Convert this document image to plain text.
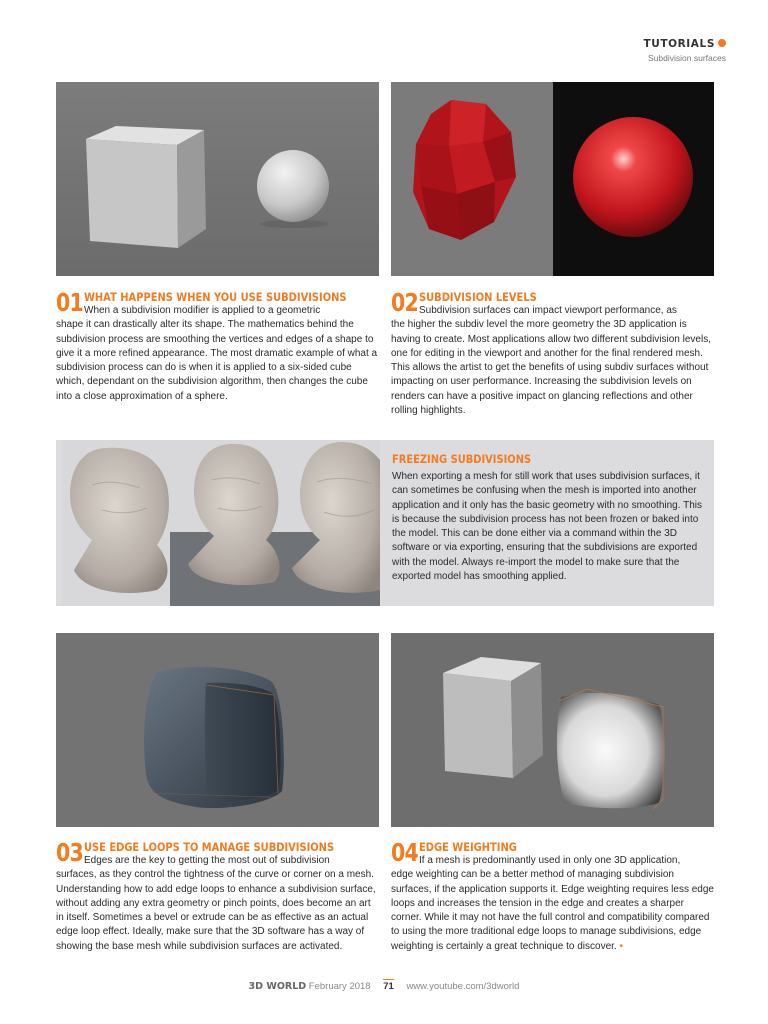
TUTORIALS
Subdivision surfaces
01 WHAT HAPPENS WHEN YOU USE SUBDIVISIONS
When a subdivision modifier is applied to a geometric
shape it can drastically alter its shape. The mathematics behind the subdivision process are smoothing the vertices and edges of a shape to give it a more refined appearance. The most dramatic example of what a subdivision process can do is when it is applied to a six-sided cube which, dependant on the subdivision algorithm, then changes the cube into a close approximation of a sphere.
02 SUBDIVISION LEVELS
Subdivision surfaces can impact viewport performance, as
the higher the subdiv level the more geometry the 3D application is having to create. Most applications allow two different subdivision levels, one for editing in the viewport and another for the final rendered mesh. This allows the artist to get the benefits of using subdiv surfaces without impacting on user performance. Increasing the subdivision levels on renders can have a positive impact on glancing reflections and other rolling highlights.
FREEZING SUBDIVISIONS
When exporting a mesh for still work that uses subdivision surfaces, it can sometimes be confusing when the mesh is imported into another application and it only has the basic geometry with no smoothing. This is because the subdivision process has not been frozen or baked into the model. This can be done either via a command within the 3D software or via exporting, ensuring that the subdivisions are exported with the model. Always re-import the model to make sure that the exported model has smoothing applied.
03 USE EDGE LOOPS TO MANAGE SUBDIVISIONS
Edges are the key to getting the most out of subdivision
surfaces, as they control the tightness of the curve or corner on a mesh. Understanding how to add edge loops to enhance a subdivision surface, without adding any extra geometry or pinch points, does become an art in itself. Sometimes a bevel or extrude can be as effective as an actual edge loop effect. Ideally, make sure that the 3D software has a way of showing the base mesh while subdivision surfaces are activated.
04 EDGE WEIGHTING
If a mesh is predominantly used in only one 3D application,
edge weighting can be a better method of managing subdivision surfaces, if the application supports it. Edge weighting requires less edge loops and increases the tension in the edge and creates a sharper corner. While it may not have the full control and compatibility compared to using the more traditional edge loops to manage subdivisions, edge weighting is certainly a great technique to discover. •
3D WORLD February 2018 71 www.youtube.com/3dworld
